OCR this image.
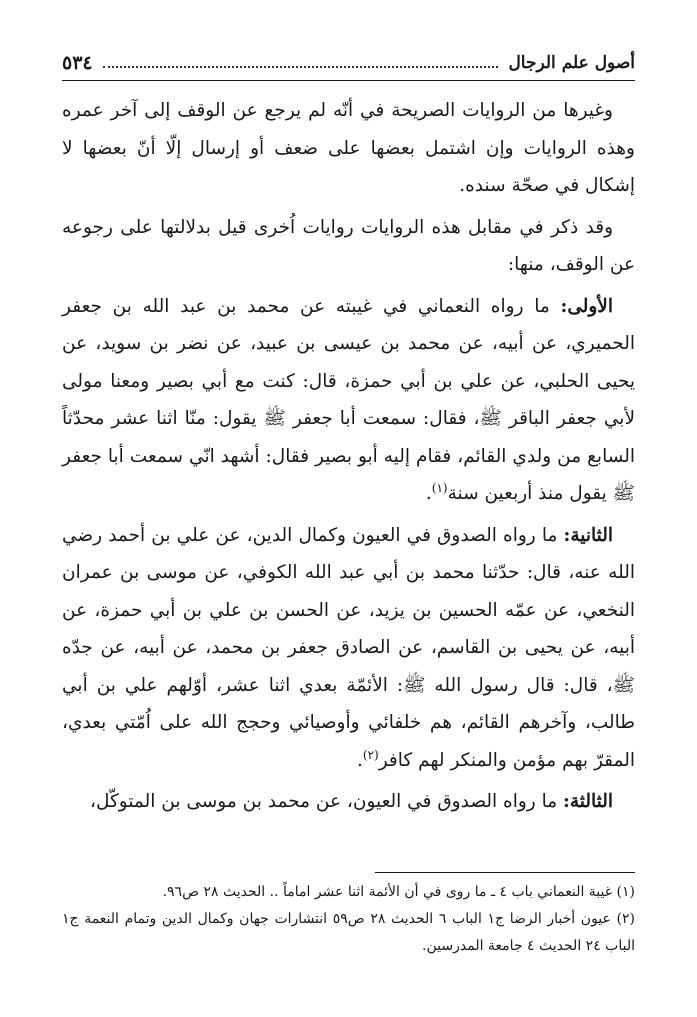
أصول علم الرجال
٥٣٤

وغيرها من الروايات الصريحة في أنّه لم يرجع عن الوقف إلى آخر عمره وهذه الروايات وإن اشتمل بعضها على ضعف أو إرسال إلّا أنّ بعضها لا إشكال في صحّة سنده.

وقد ذكر في مقابل هذه الروايات روايات اُخرى قيل بدلالتها على رجوعه عن الوقف، منها:

الأولى: ما رواه النعماني في غيبته عن محمد بن عبد الله بن جعفر الحميري، عن أبيه، عن محمد بن عيسى بن عبيد، عن نضر بن سويد، عن يحيى الحلبي، عن علي بن أبي حمزة، قال: كنت مع أبي بصير ومعنا مولى لأبي جعفر الباقر ﷺ، فقال: سمعت أبا جعفر ﷺ يقول: منّا اثنا عشر محدّثاً السابع من ولدي القائم، فقام إليه أبو بصير فقال: أشهد انّي سمعت أبا جعفر ﷺ يقول منذ أربعين سنة$^{(١)}$.

الثانية: ما رواه الصدوق في العيون وكمال الدين، عن علي بن أحمد رضي الله عنه، قال: حدّثنا محمد بن أبي عبد الله الكوفي، عن موسى بن عمران النخعي، عن عمّه الحسين بن يزيد، عن الحسن بن علي بن أبي حمزة، عن أبيه، عن يحيى بن القاسم، عن الصادق جعفر بن محمد، عن أبيه، عن جدّه ﷺ، قال: قال رسول الله ﷺ: الأئمّة بعدي اثنا عشر، أوّلهم علي بن أبي طالب، وآخرهم القائم، هم خلفائي وأوصيائي وحجج الله على اُمّتي بعدي، المقرّ بهم مؤمن والمنكر لهم كافر$^{(٢)}$.

الثالثة: ما رواه الصدوق في العيون، عن محمد بن موسى بن المتوكّل،

(١) غيبة النعماني باب ٤ ـ ما روى في أن الأئمة اثنا عشر اماماً .. الحديث ٢٨ ص٩٦.

(٢) عيون أخبار الرضا ج١ الباب ٦ الحديث ٢٨ ص٥٩ انتشارات جهان وكمال الدين وتمام النعمة ج١ الباب ٢٤ الحديث ٤ جامعة المدرسين.
